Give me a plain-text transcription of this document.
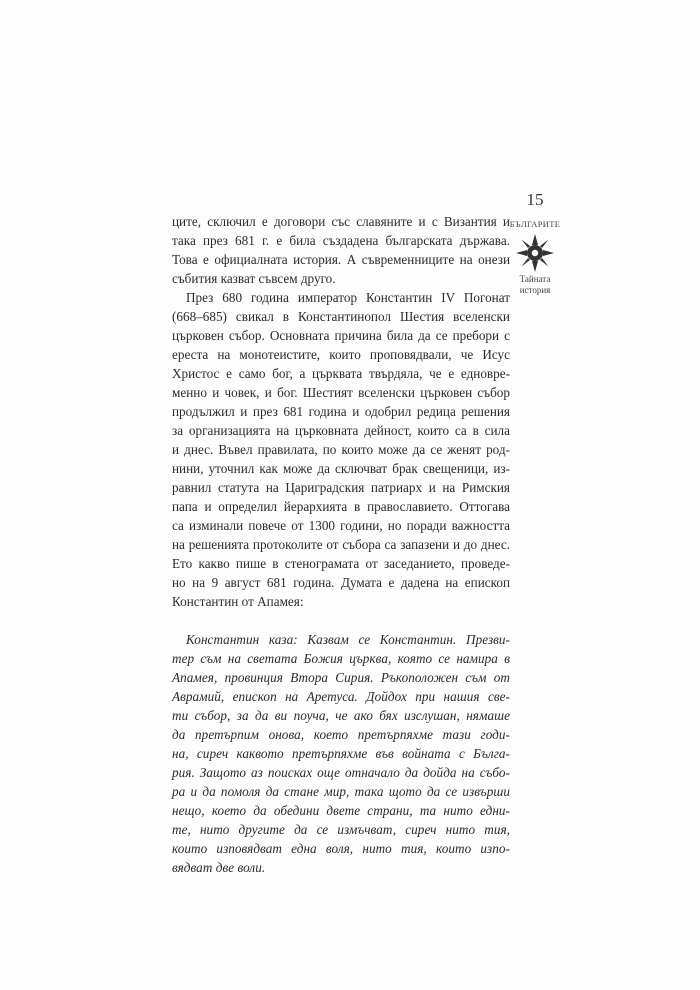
15
БЪЛГАРИТЕ
Тайната
история
ците, сключил е договори със славяните и с Византия и
така през 681 г. е била създадена българската държава.
Това е официалната история. А съвременниците на онези
събития казват съвсем друго.
През 680 година император Константин IV Погонат
(668–685) свикал в Константинопол Шестия вселенски
църковен събор. Основната причина била да се пребори с
ереста на монотеистите, които проповядвали, че Исус
Христос е само бог, а църквата твърдяла, че е едновре-
менно и човек, и бог. Шестият вселенски църковен събор
продължил и през 681 година и одобрил редица решения
за организацията на църковната дейност, които са в сила
и днес. Въвел правилата, по които може да се женят род-
нини, уточнил как може да сключват брак свещеници, из-
равнил статута на Цариградския патриарх и на Римския
папа и определил йерархията в православието. Оттогава
са изминали повече от 1300 години, но поради важността
на решенията протоколите от събора са запазени и до днес.
Ето какво пише в стенограмата от заседанието, проведе-
но на 9 август 681 година. Думата е дадена на епископ
Константин от Апамея:
Константин каза: Казвам се Константин. Презви-
тер съм на светата Божия църква, която се намира в
Апамея, провинция Втора Сирия. Ръкоположен съм от
Аврамий, епископ на Аретуса. Дойдох при нашия све-
ти събор, за да ви поуча, че ако бях изслушан, нямаше
да претърпим онова, което претърпяхме тази годи-
на, сиреч каквото претърпяхме във войната с Бълга-
рия. Защото аз поисках още отначало да дойда на събо-
ра и да помоля да стане мир, така щото да се извърши
нещо, което да обедини двете страни, та нито едни-
те, нито другите да се измъчват, сиреч нито тия,
които изповядват една воля, нито тия, които изпо-
вядват две воли.
